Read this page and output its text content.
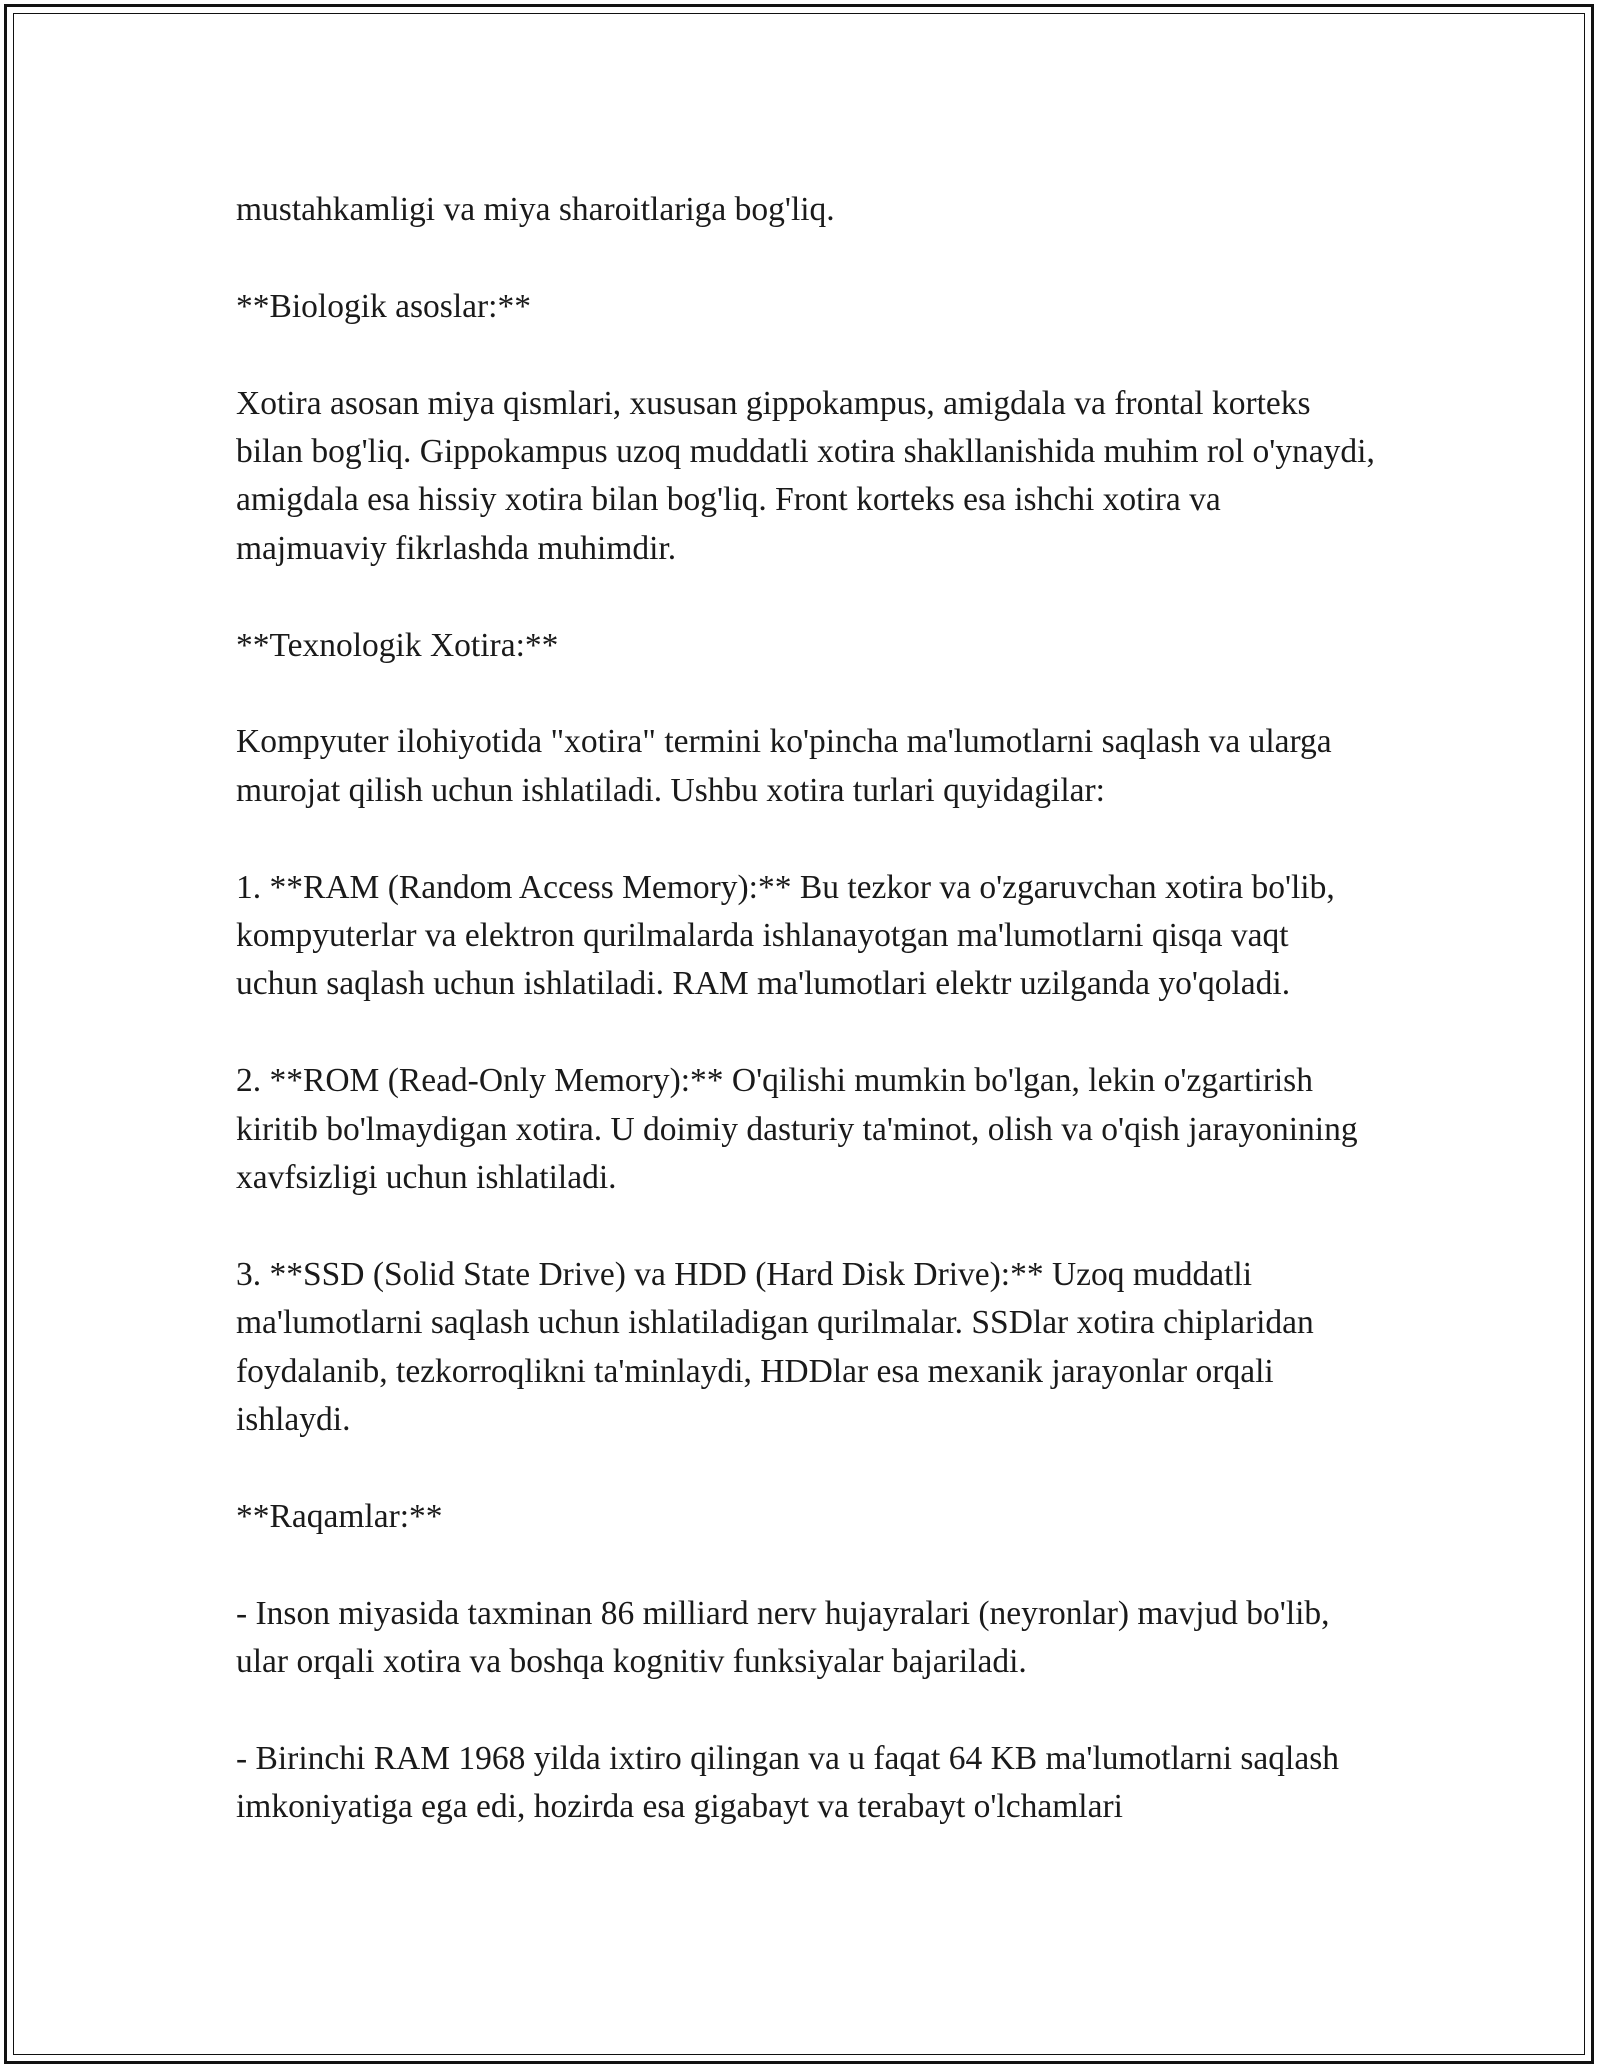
mustahkamligi va miya sharoitlariga bog'liq.

**Biologik asoslar:**

Xotira asosan miya qismlari, xususan gippokampus, amigdala va frontal korteks bilan bog'liq. Gippokampus uzoq muddatli xotira shakllanishida muhim rol o'ynaydi, amigdala esa hissiy xotira bilan bog'liq. Front korteks esa ishchi xotira va majmuaviy fikrlashda muhimdir.

**Texnologik Xotira:**

Kompyuter ilohiyotida "xotira" termini ko'pincha ma'lumotlarni saqlash va ularga murojat qilish uchun ishlatiladi. Ushbu xotira turlari quyidagilar:

1. **RAM (Random Access Memory):** Bu tezkor va o'zgaruvchan xotira bo'lib, kompyuterlar va elektron qurilmalarda ishlanayotgan ma'lumotlarni qisqa vaqt uchun saqlash uchun ishlatiladi. RAM ma'lumotlari elektr uzilganda yo'qoladi.

2. **ROM (Read-Only Memory):** O'qilishi mumkin bo'lgan, lekin o'zgartirish kiritib bo'lmaydigan xotira. U doimiy dasturiy ta'minot, olish va o'qish jarayonining xavfsizligi uchun ishlatiladi.

3. **SSD (Solid State Drive) va HDD (Hard Disk Drive):** Uzoq muddatli ma'lumotlarni saqlash uchun ishlatiladigan qurilmalar. SSDlar xotira chiplaridan foydalanib, tezkorroqlikni ta'minlaydi, HDDlar esa mexanik jarayonlar orqali ishlaydi.

**Raqamlar:**

- Inson miyasida taxminan 86 milliard nerv hujayralari (neyronlar) mavjud bo'lib, ular orqali xotira va boshqa kognitiv funksiyalar bajariladi.

- Birinchi RAM 1968 yilda ixtiro qilingan va u faqat 64 KB ma'lumotlarni saqlash imkoniyatiga ega edi, hozirda esa gigabayt va terabayt o'lchamlari
